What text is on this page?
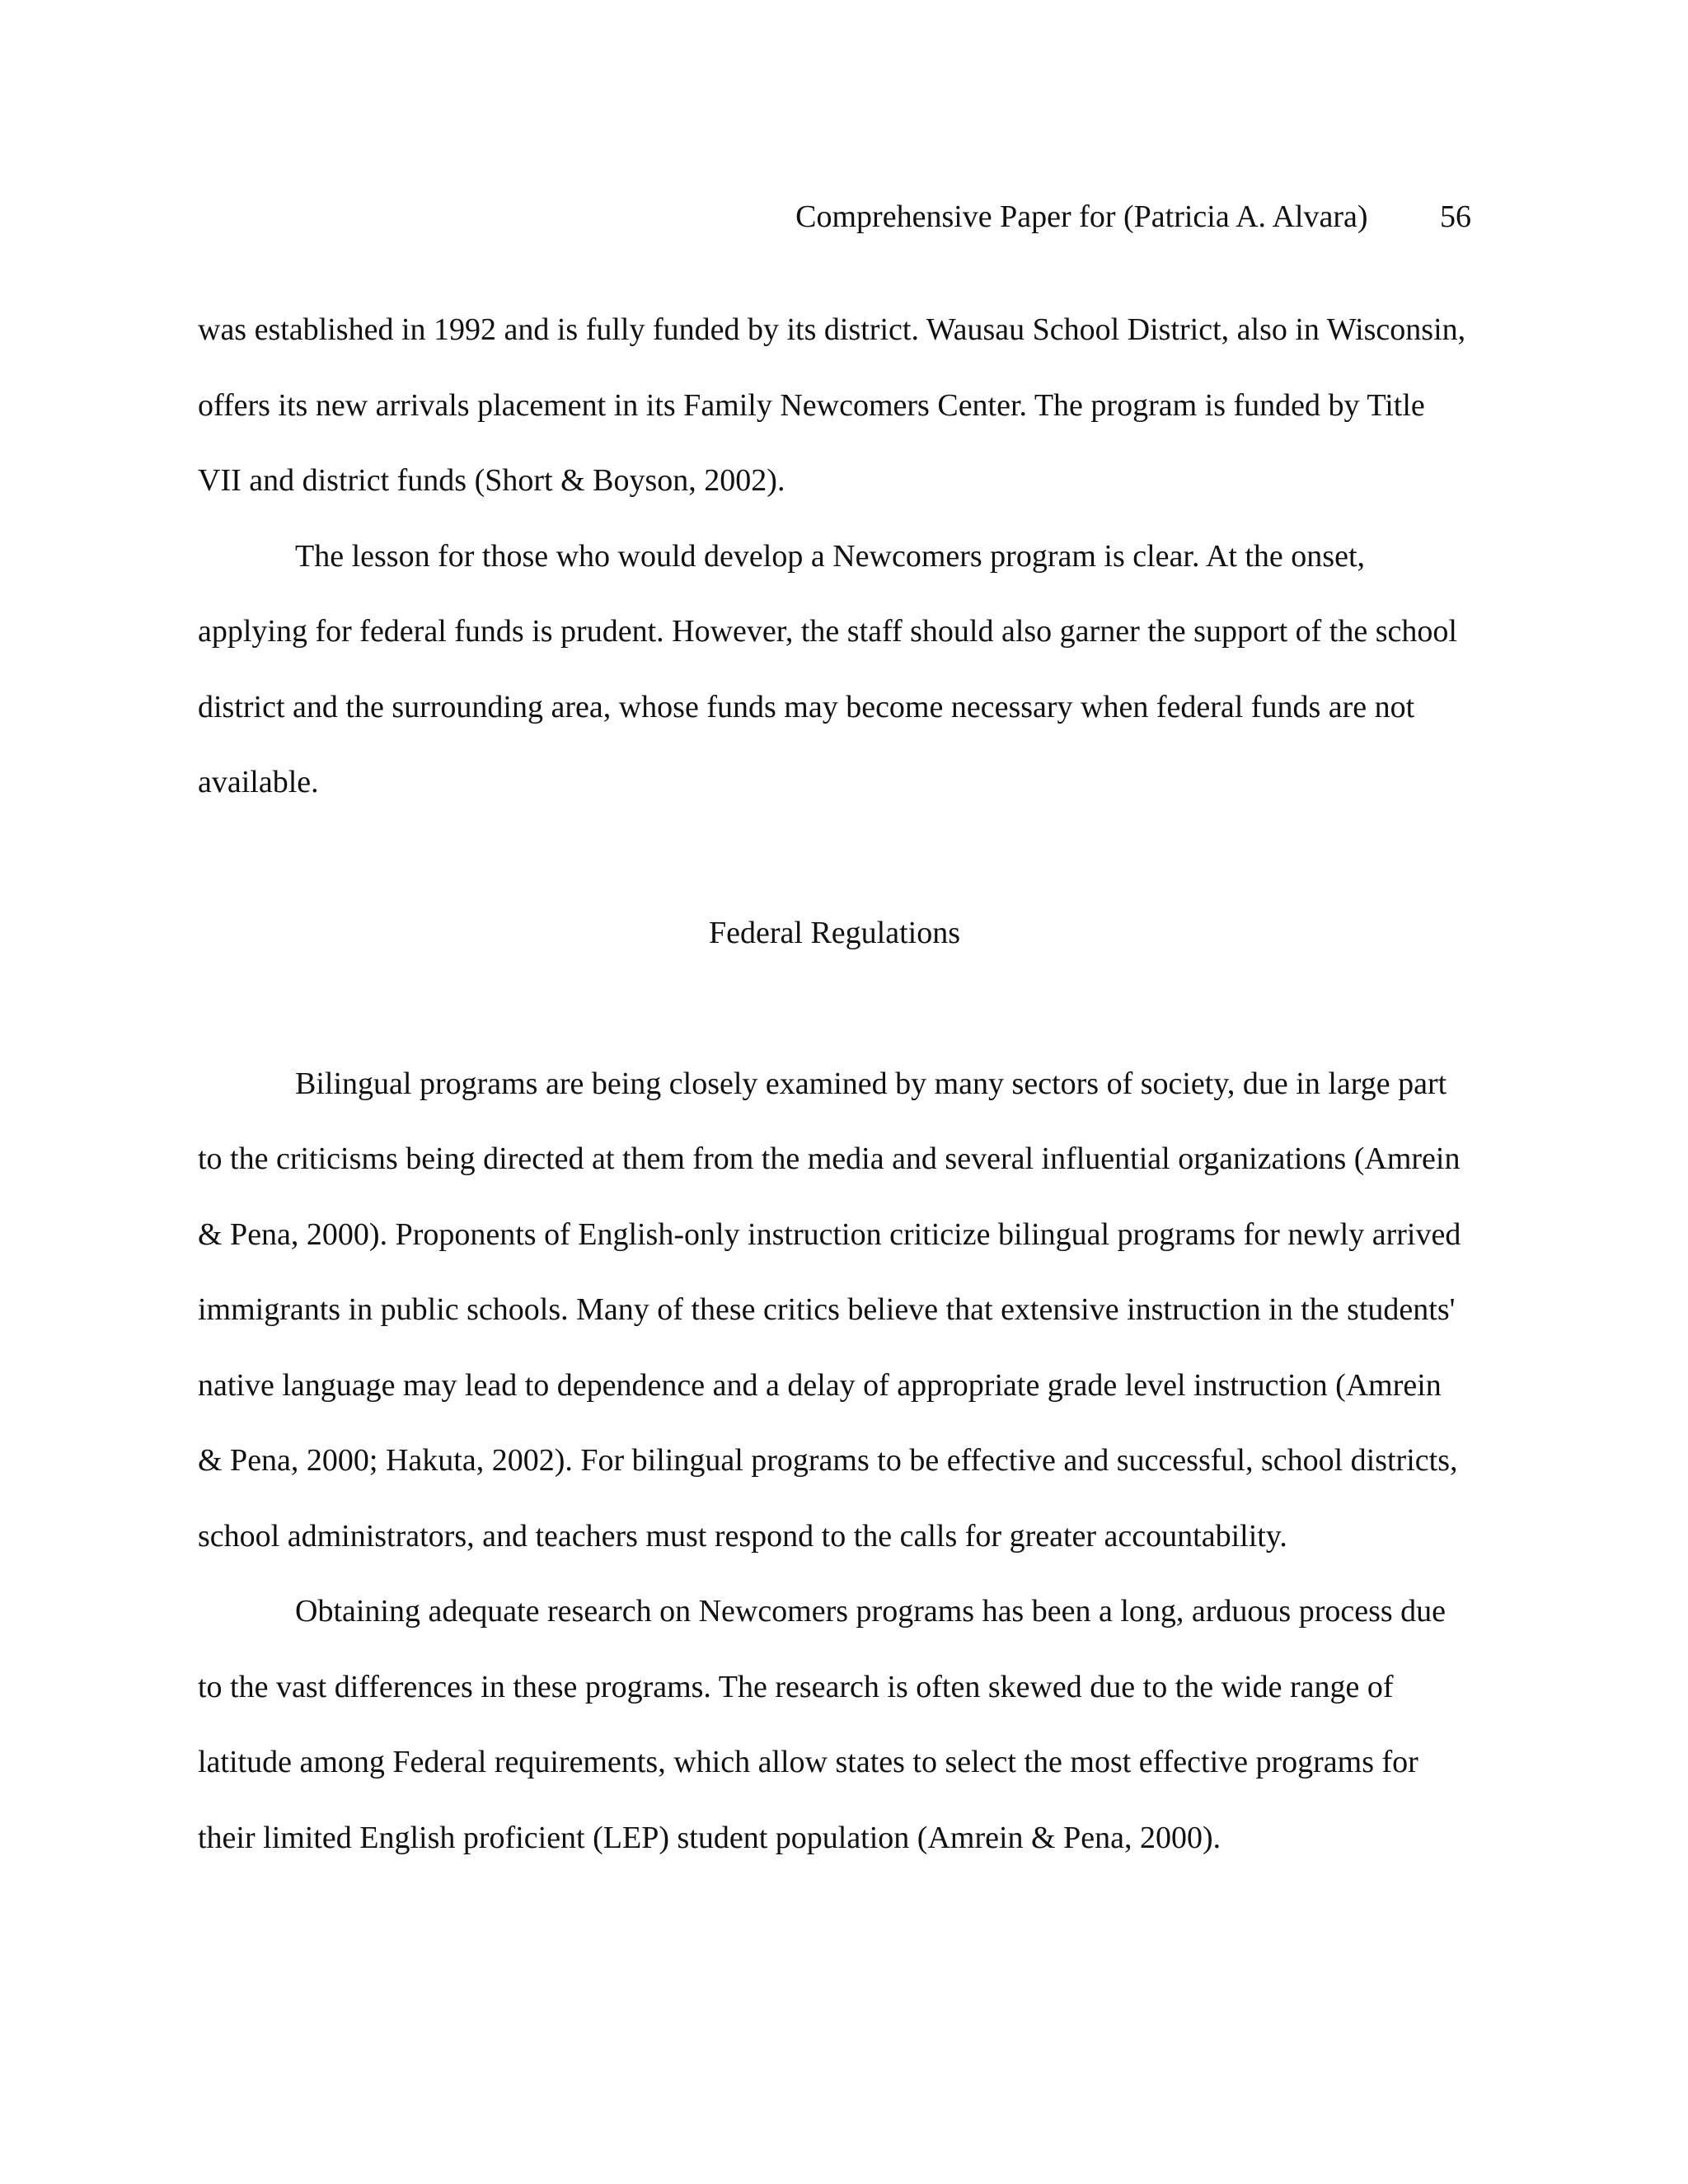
Comprehensive Paper for (Patricia A. Alvara) 56

was established in 1992 and is fully funded by its district. Wausau School District, also in Wisconsin, offers its new arrivals placement in its Family Newcomers Center. The program is funded by Title VII and district funds (Short & Boyson, 2002).

The lesson for those who would develop a Newcomers program is clear. At the onset, applying for federal funds is prudent. However, the staff should also garner the support of the school district and the surrounding area, whose funds may become necessary when federal funds are not available.

Federal Regulations

Bilingual programs are being closely examined by many sectors of society, due in large part to the criticisms being directed at them from the media and several influential organizations (Amrein & Pena, 2000). Proponents of English-only instruction criticize bilingual programs for newly arrived immigrants in public schools. Many of these critics believe that extensive instruction in the students' native language may lead to dependence and a delay of appropriate grade level instruction (Amrein & Pena, 2000; Hakuta, 2002). For bilingual programs to be effective and successful, school districts, school administrators, and teachers must respond to the calls for greater accountability.

Obtaining adequate research on Newcomers programs has been a long, arduous process due to the vast differences in these programs. The research is often skewed due to the wide range of latitude among Federal requirements, which allow states to select the most effective programs for their limited English proficient (LEP) student population (Amrein & Pena, 2000).
